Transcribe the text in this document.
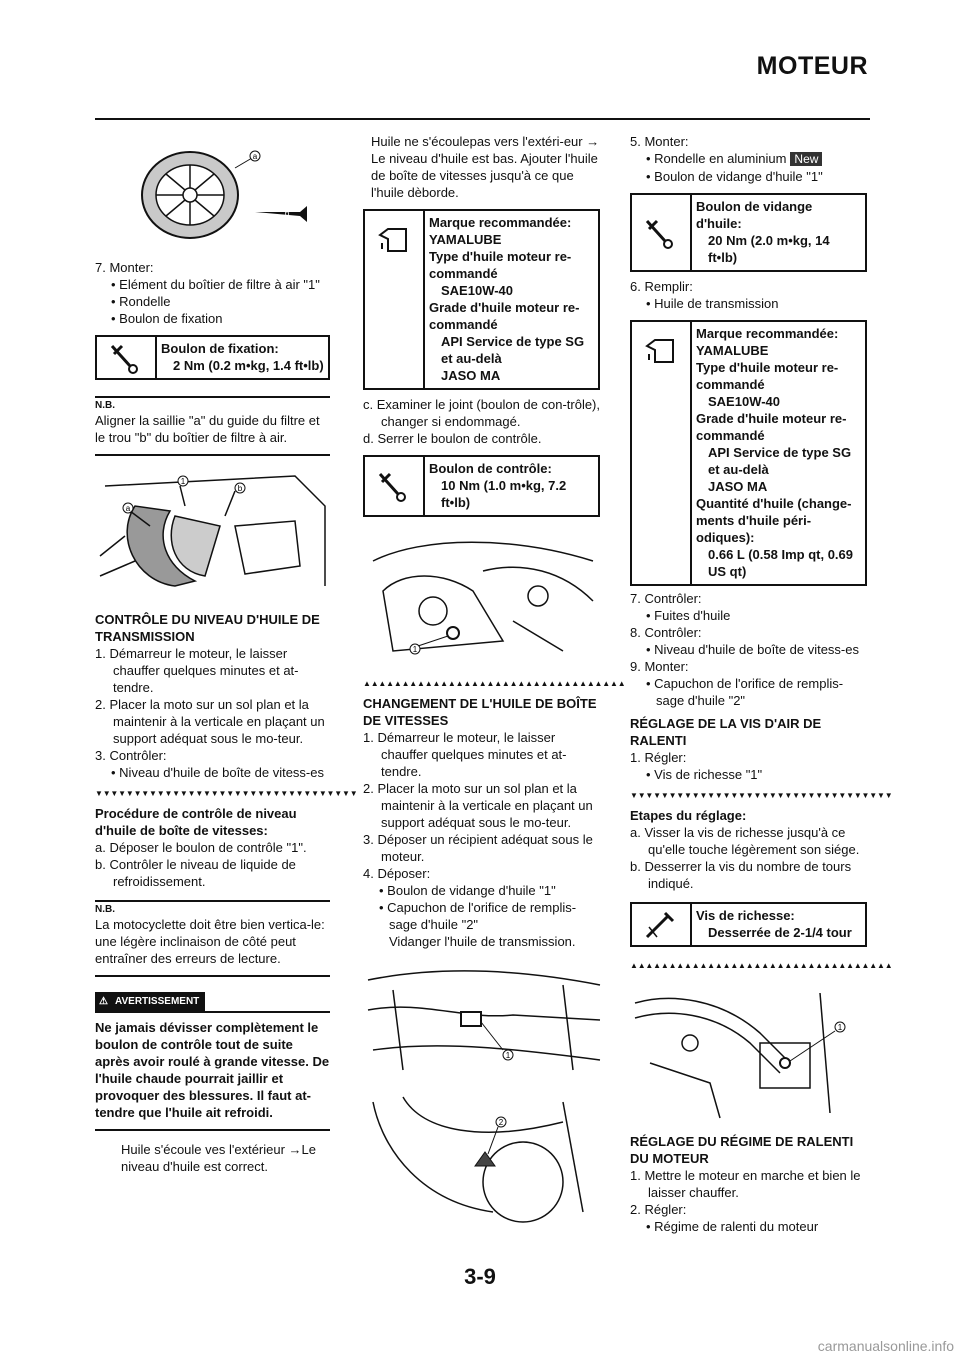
MOTEUR
a
b

7. Monter:

• Elément du boîtier de filtre à air "1"

• Rondelle

• Boulon de fixation

Boulon de fixation:
2 Nm (0.2 m•kg, 1.4 ft•lb)
N.B.
Aligner la saillie "a" du guide du filtre et le trou "b" du boîtier de filtre à air.
1
b
a

CONTRÔLE DU NIVEAU D'HUILE DE TRANSMISSION

1. Démarreur le moteur, le laisser chauffer quelques minutes et at-tendre.

2. Placer la moto sur un sol plan et la maintenir à la verticale en plaçant un support adéquat sous le mo-teur.

3. Contrôler:

• Niveau d'huile de boîte de vitess-es

▼▼▼▼▼▼▼▼▼▼▼▼▼▼▼▼▼▼▼▼▼▼▼▼▼▼▼▼▼▼▼▼▼▼

Procédure de contrôle de niveau d'huile de boîte de vitesses:

a. Déposer le boulon de contrôle "1".

b. Contrôler le niveau de liquide de refroidissement.

N.B.
La motocyclette doit être bien vertica-le: une légère inclinaison de côté peut entraîner des erreurs de lecture.
⚠ AVERTISSEMENT
Ne jamais dévisser complètement le boulon de contrôle tout de suite après avoir roulé à grande vitesse. De l'huile chaude pourrait jaillir et provoquer des blessures. Il faut at-tendre que l'huile ait refroidi.

Huile s'écoule ves l'extérieur →Le niveau d'huile est correct.

Huile ne s'écoulepas vers l'extéri-eur → Le niveau d'huile est bas. Ajouter l'huile de boîte de vitesses jusqu'à ce que l'huile dèborde.

Marque recommandée:
YAMALUBE
Type d'huile moteur re-commandé
SAE10W-40
Grade d'huile moteur re-commandé
API Service de type SG et au-delà
JASO MA

c. Examiner le joint (boulon de con-trôle), changer si endommagé.

d. Serrer le boulon de contrôle.

Boulon de contrôle:
10 Nm (1.0 m•kg, 7.2 ft•lb)
1
▲▲▲▲▲▲▲▲▲▲▲▲▲▲▲▲▲▲▲▲▲▲▲▲▲▲▲▲▲▲▲▲▲▲

CHANGEMENT DE L'HUILE DE BOÎTE DE VITESSES

1. Démarreur le moteur, le laisser chauffer quelques minutes et at-tendre.

2. Placer la moto sur un sol plan et la maintenir à la verticale en plaçant un support adéquat sous le mo-teur.

3. Déposer un récipient adéquat sous le moteur.

4. Déposer:

• Boulon de vidange d'huile "1"

• Capuchon de l'orifice de remplis-sage d'huile "2"

Vidanger l'huile de transmission.

1

2

5. Monter:

• Rondelle en aluminium New

• Boulon de vidange d'huile "1"

Boulon de vidange d'huile:
20 Nm (2.0 m•kg, 14 ft•lb)

6. Remplir:

• Huile de transmission

Marque recommandée:
YAMALUBE
Type d'huile moteur re-commandé
SAE10W-40
Grade d'huile moteur re-commandé
API Service de type SG et au-delà
JASO MA
Quantité d'huile (change-ments d'huile péri-odiques):
0.66 L (0.58 Imp qt, 0.69 US qt)

7. Contrôler:

• Fuites d'huile

8. Contrôler:

• Niveau d'huile de boîte de vitess-es

9. Monter:

• Capuchon de l'orifice de remplis-sage d'huile "2"

RÉGLAGE DE LA VIS D'AIR DE RALENTI

1. Régler:

• Vis de richesse "1"

▼▼▼▼▼▼▼▼▼▼▼▼▼▼▼▼▼▼▼▼▼▼▼▼▼▼▼▼▼▼▼▼▼▼

Etapes du réglage:

a. Visser la vis de richesse jusqu'à ce qu'elle touche légèrement son siége.

b. Desserrer la vis du nombre de tours indiqué.

Vis de richesse:
Desserrée de 2-1/4 tour
▲▲▲▲▲▲▲▲▲▲▲▲▲▲▲▲▲▲▲▲▲▲▲▲▲▲▲▲▲▲▲▲▲▲
1

RÉGLAGE DU RÉGIME DE RALENTI DU MOTEUR

1. Mettre le moteur en marche et bien le laisser chauffer.

2. Régler:

• Régime de ralenti du moteur

3-9
carmanualsonline.info
